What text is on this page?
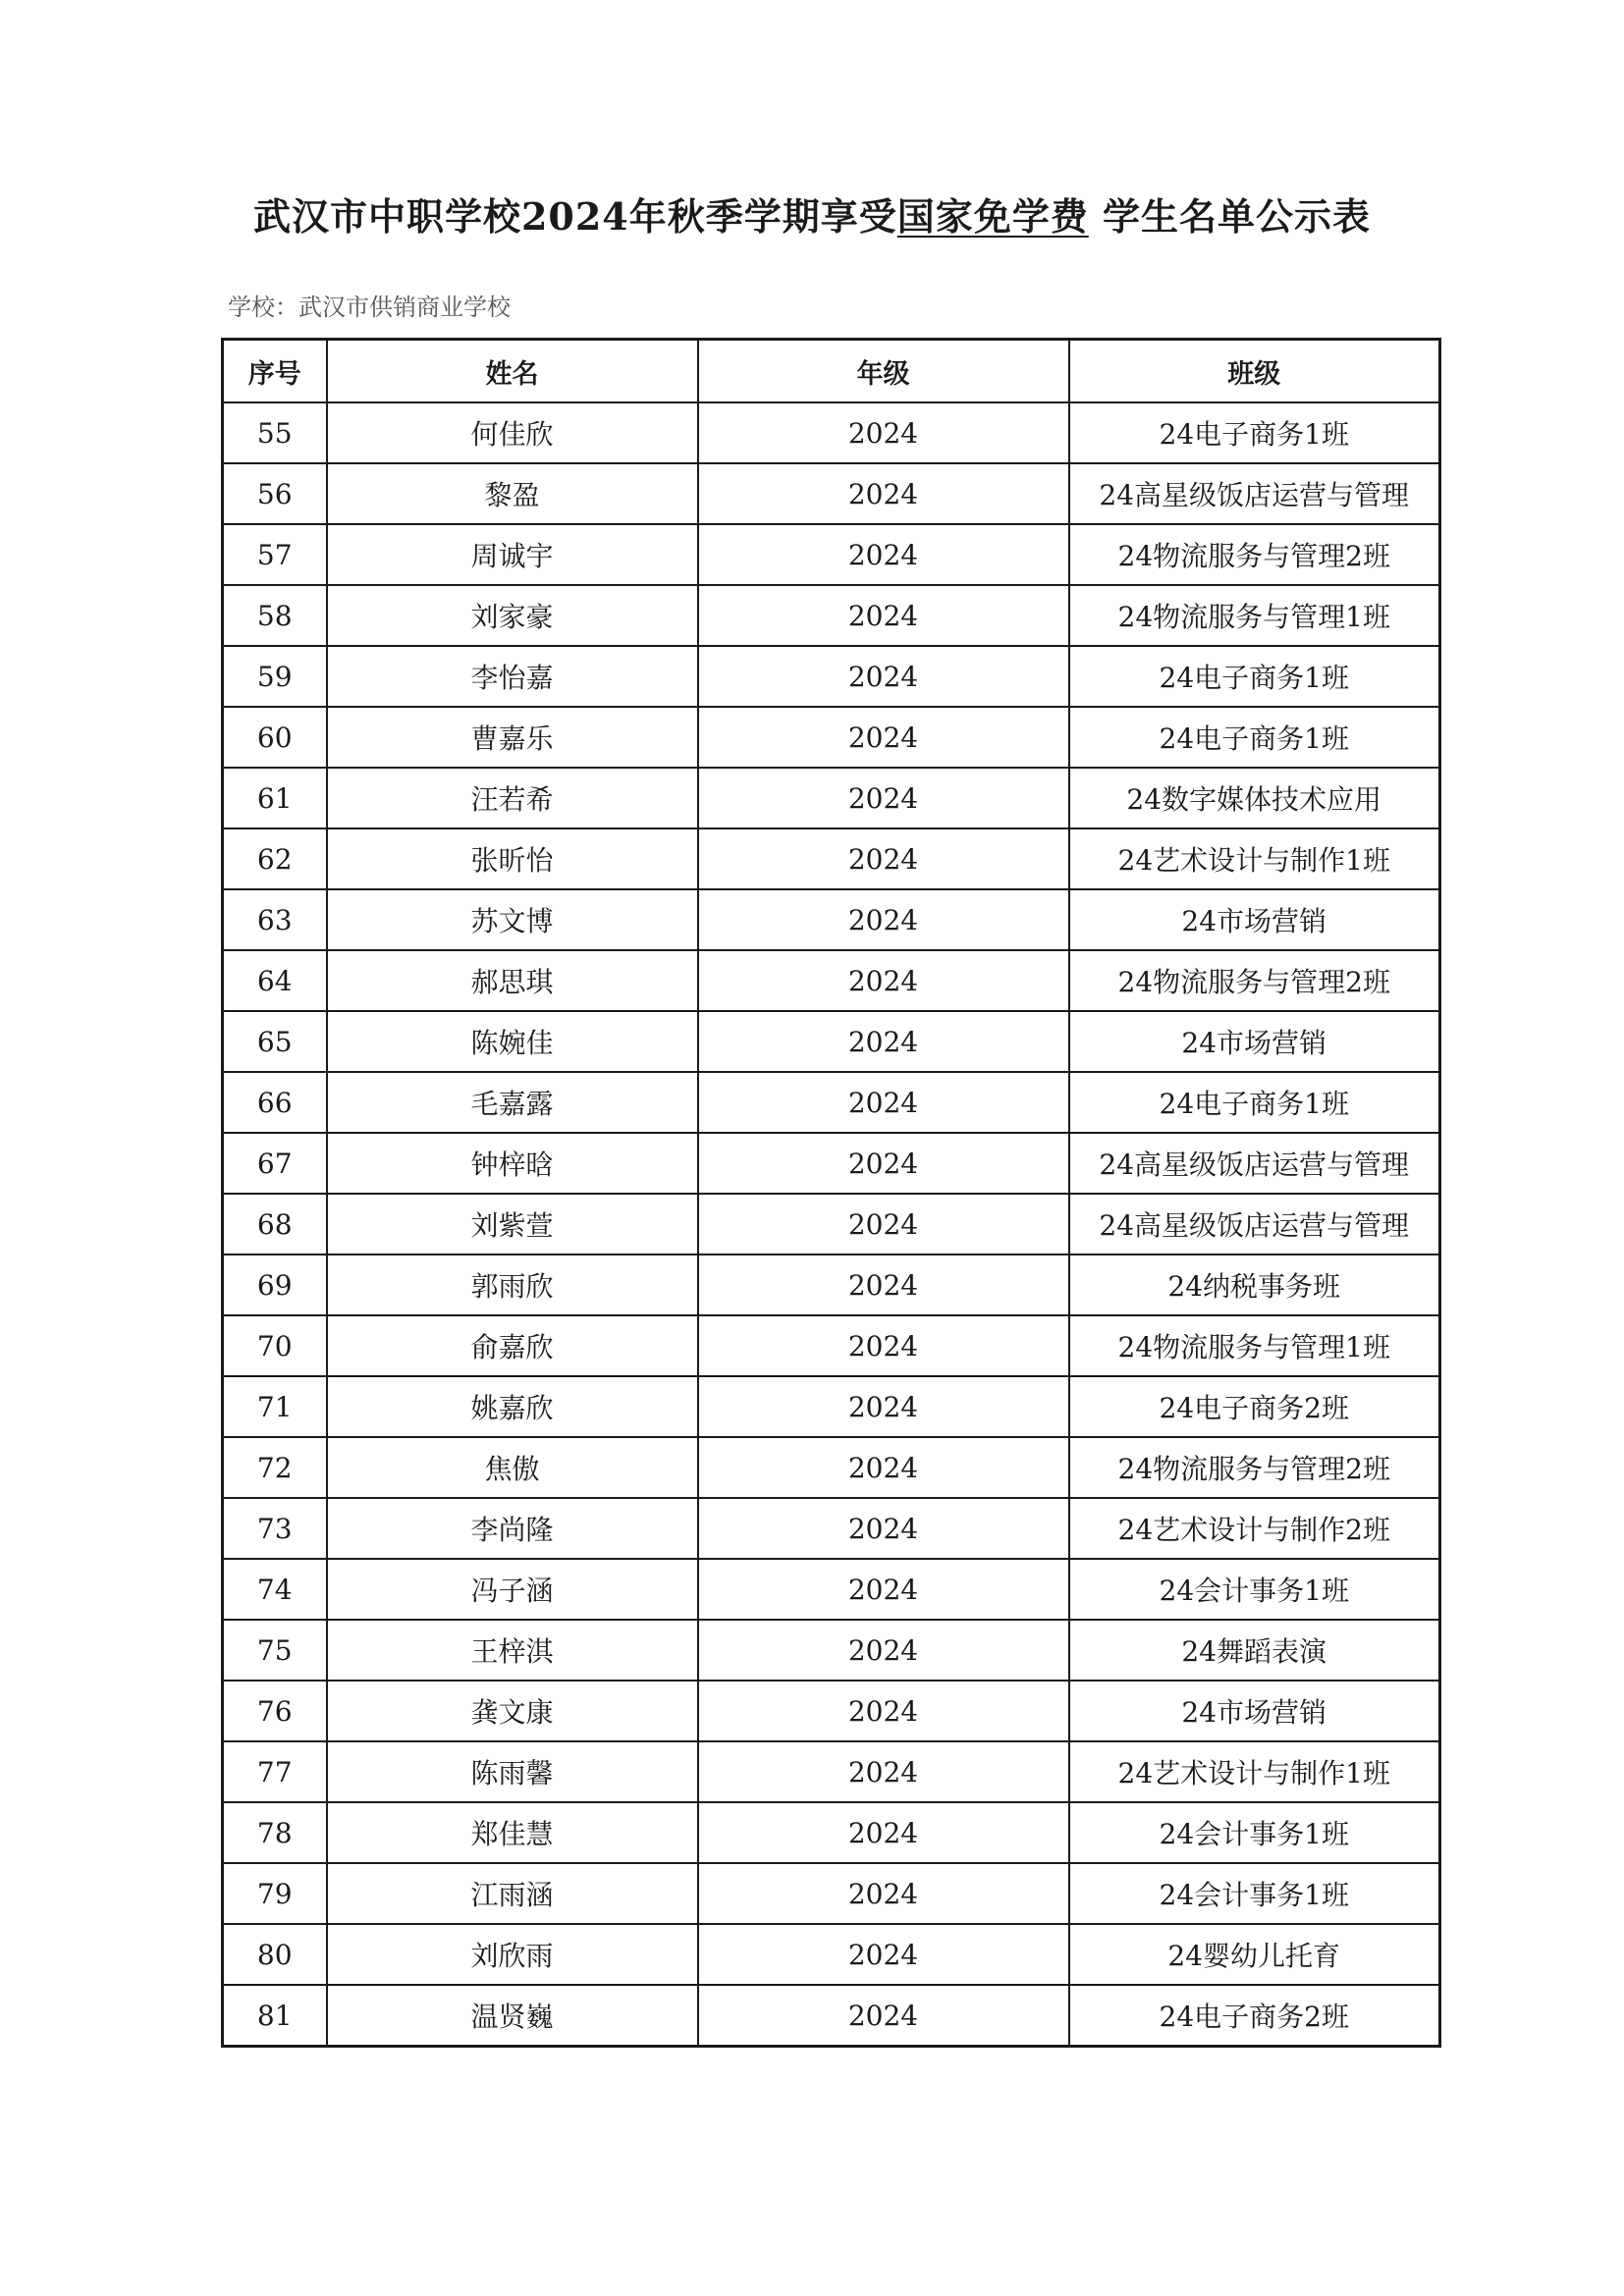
武汉市中职学校2024年秋季学期享受国家免学费 学生名单公示表
学校：武汉市供销商业学校
序号	姓名	年级	班级
55	何佳欣	2024	24电子商务1班
56	黎盈	2024	24高星级饭店运营与管理
57	周诚宇	2024	24物流服务与管理2班
58	刘家豪	2024	24物流服务与管理1班
59	李怡嘉	2024	24电子商务1班
60	曹嘉乐	2024	24电子商务1班
61	汪若希	2024	24数字媒体技术应用
62	张昕怡	2024	24艺术设计与制作1班
63	苏文博	2024	24市场营销
64	郝思琪	2024	24物流服务与管理2班
65	陈婉佳	2024	24市场营销
66	毛嘉露	2024	24电子商务1班
67	钟梓晗	2024	24高星级饭店运营与管理
68	刘紫萱	2024	24高星级饭店运营与管理
69	郭雨欣	2024	24纳税事务班
70	俞嘉欣	2024	24物流服务与管理1班
71	姚嘉欣	2024	24电子商务2班
72	焦傲	2024	24物流服务与管理2班
73	李尚隆	2024	24艺术设计与制作2班
74	冯子涵	2024	24会计事务1班
75	王梓淇	2024	24舞蹈表演
76	龚文康	2024	24市场营销
77	陈雨馨	2024	24艺术设计与制作1班
78	郑佳慧	2024	24会计事务1班
79	江雨涵	2024	24会计事务1班
80	刘欣雨	2024	24婴幼儿托育
81	温贤巍	2024	24电子商务2班
